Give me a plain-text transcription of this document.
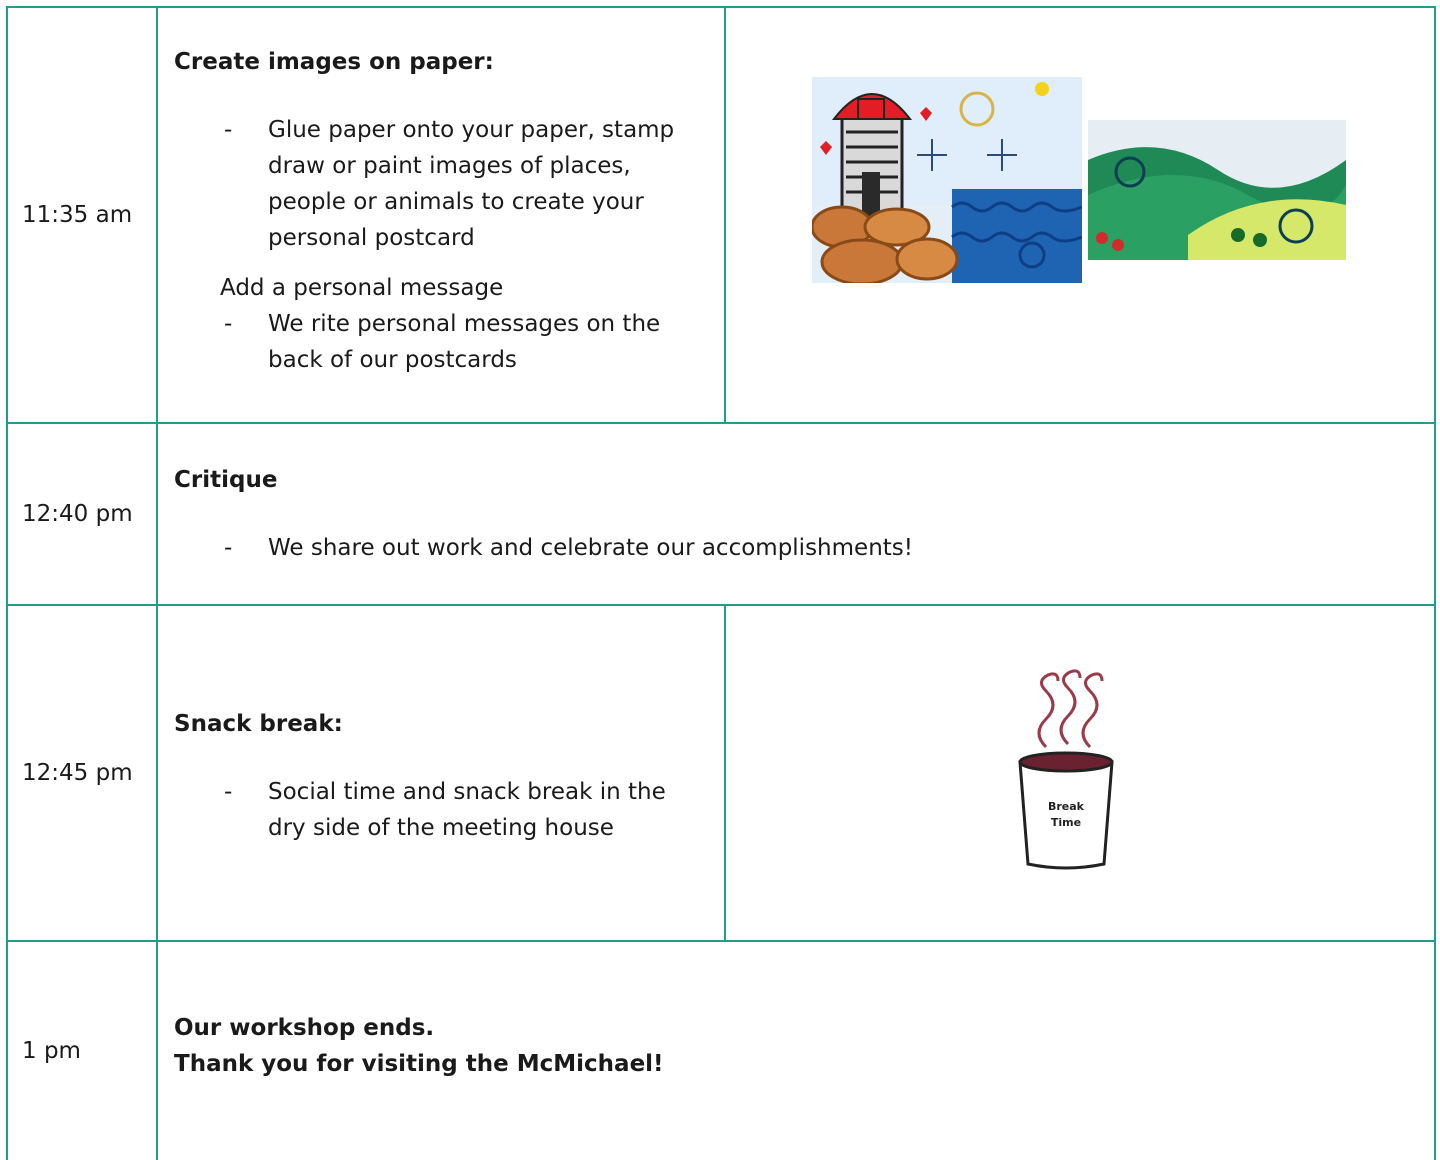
11:35 am
Create images on paper:
- Glue paper onto your paper, stamp
draw or paint images of places,
people or animals to create your
personal postcard
Add a personal message
- We rite personal messages on the
back of our postcards
12:40 pm
Critique
- We share out work and celebrate our accomplishments!
12:45 pm
Snack break:
- Social time and snack break in the
dry side of the meeting house
Break
Time
1 pm
Our workshop ends.
Thank you for visiting the McMichael!
